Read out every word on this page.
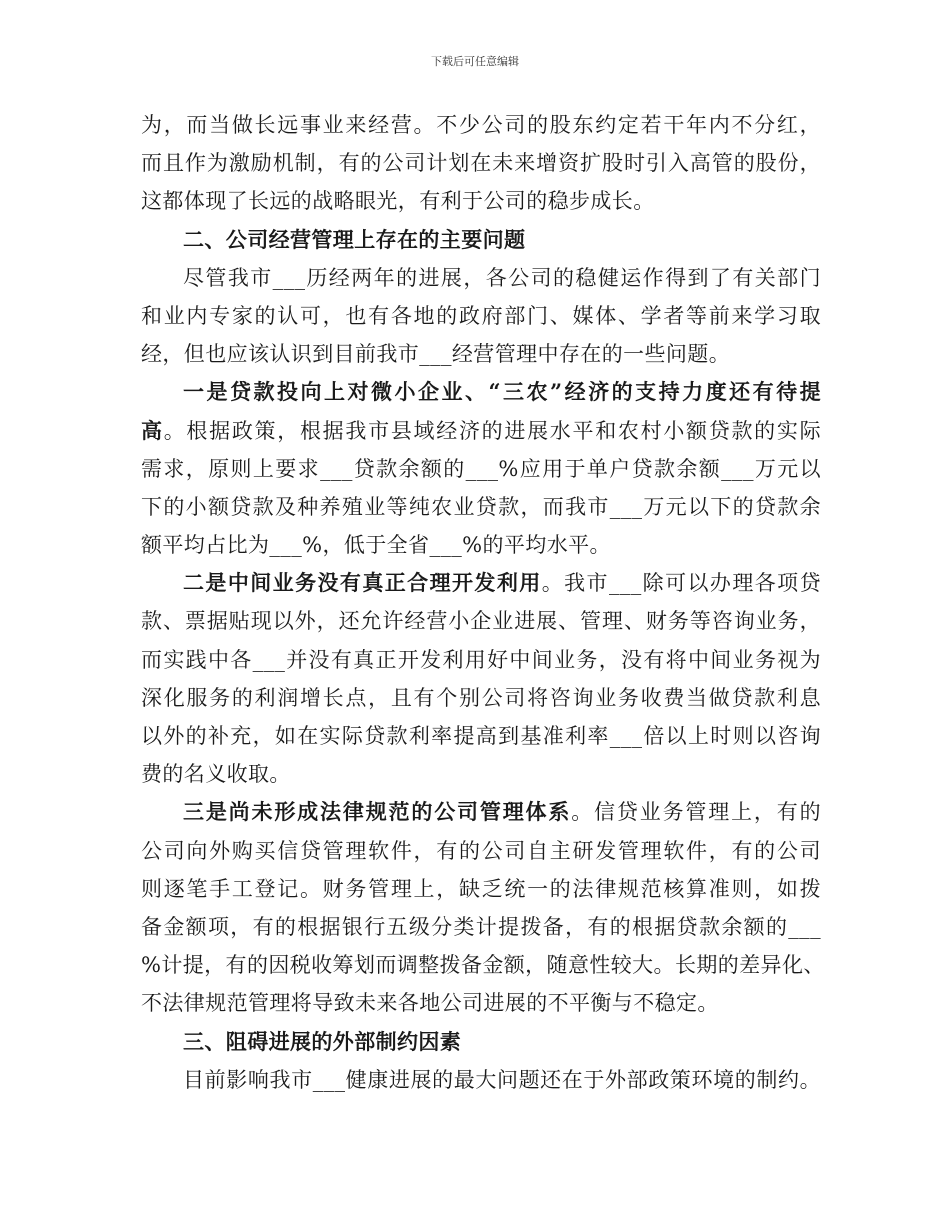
下载后可任意编辑
为，而当做长远事业来经营。不少公司的股东约定若干年内不分红，
而且作为激励机制，有的公司计划在未来增资扩股时引入高管的股份，
这都体现了长远的战略眼光，有利于公司的稳步成长。
二、公司经营管理上存在的主要问题
尽管我市___历经两年的进展，各公司的稳健运作得到了有关部门
和业内专家的认可，也有各地的政府部门、媒体、学者等前来学习取
经，但也应该认识到目前我市___经营管理中存在的一些问题。
一是贷款投向上对微小企业、“三农”经济的支持力度还有待提
高。根据政策，根据我市县域经济的进展水平和农村小额贷款的实际
需求，原则上要求___贷款余额的___%应用于单户贷款余额___万元以
下的小额贷款及种养殖业等纯农业贷款，而我市___万元以下的贷款余
额平均占比为___%，低于全省___%的平均水平。
二是中间业务没有真正合理开发利用。我市___除可以办理各项贷
款、票据贴现以外，还允许经营小企业进展、管理、财务等咨询业务，
而实践中各___并没有真正开发利用好中间业务，没有将中间业务视为
深化服务的利润增长点，且有个别公司将咨询业务收费当做贷款利息
以外的补充，如在实际贷款利率提高到基准利率___倍以上时则以咨询
费的名义收取。
三是尚未形成法律规范的公司管理体系。信贷业务管理上，有的
公司向外购买信贷管理软件，有的公司自主研发管理软件，有的公司
则逐笔手工登记。财务管理上，缺乏统一的法律规范核算准则，如拨
备金额项，有的根据银行五级分类计提拨备，有的根据贷款余额的___
%计提，有的因税收筹划而调整拨备金额，随意性较大。长期的差异化、
不法律规范管理将导致未来各地公司进展的不平衡与不稳定。
三、阻碍进展的外部制约因素
目前影响我市___健康进展的最大问题还在于外部政策环境的制约。
